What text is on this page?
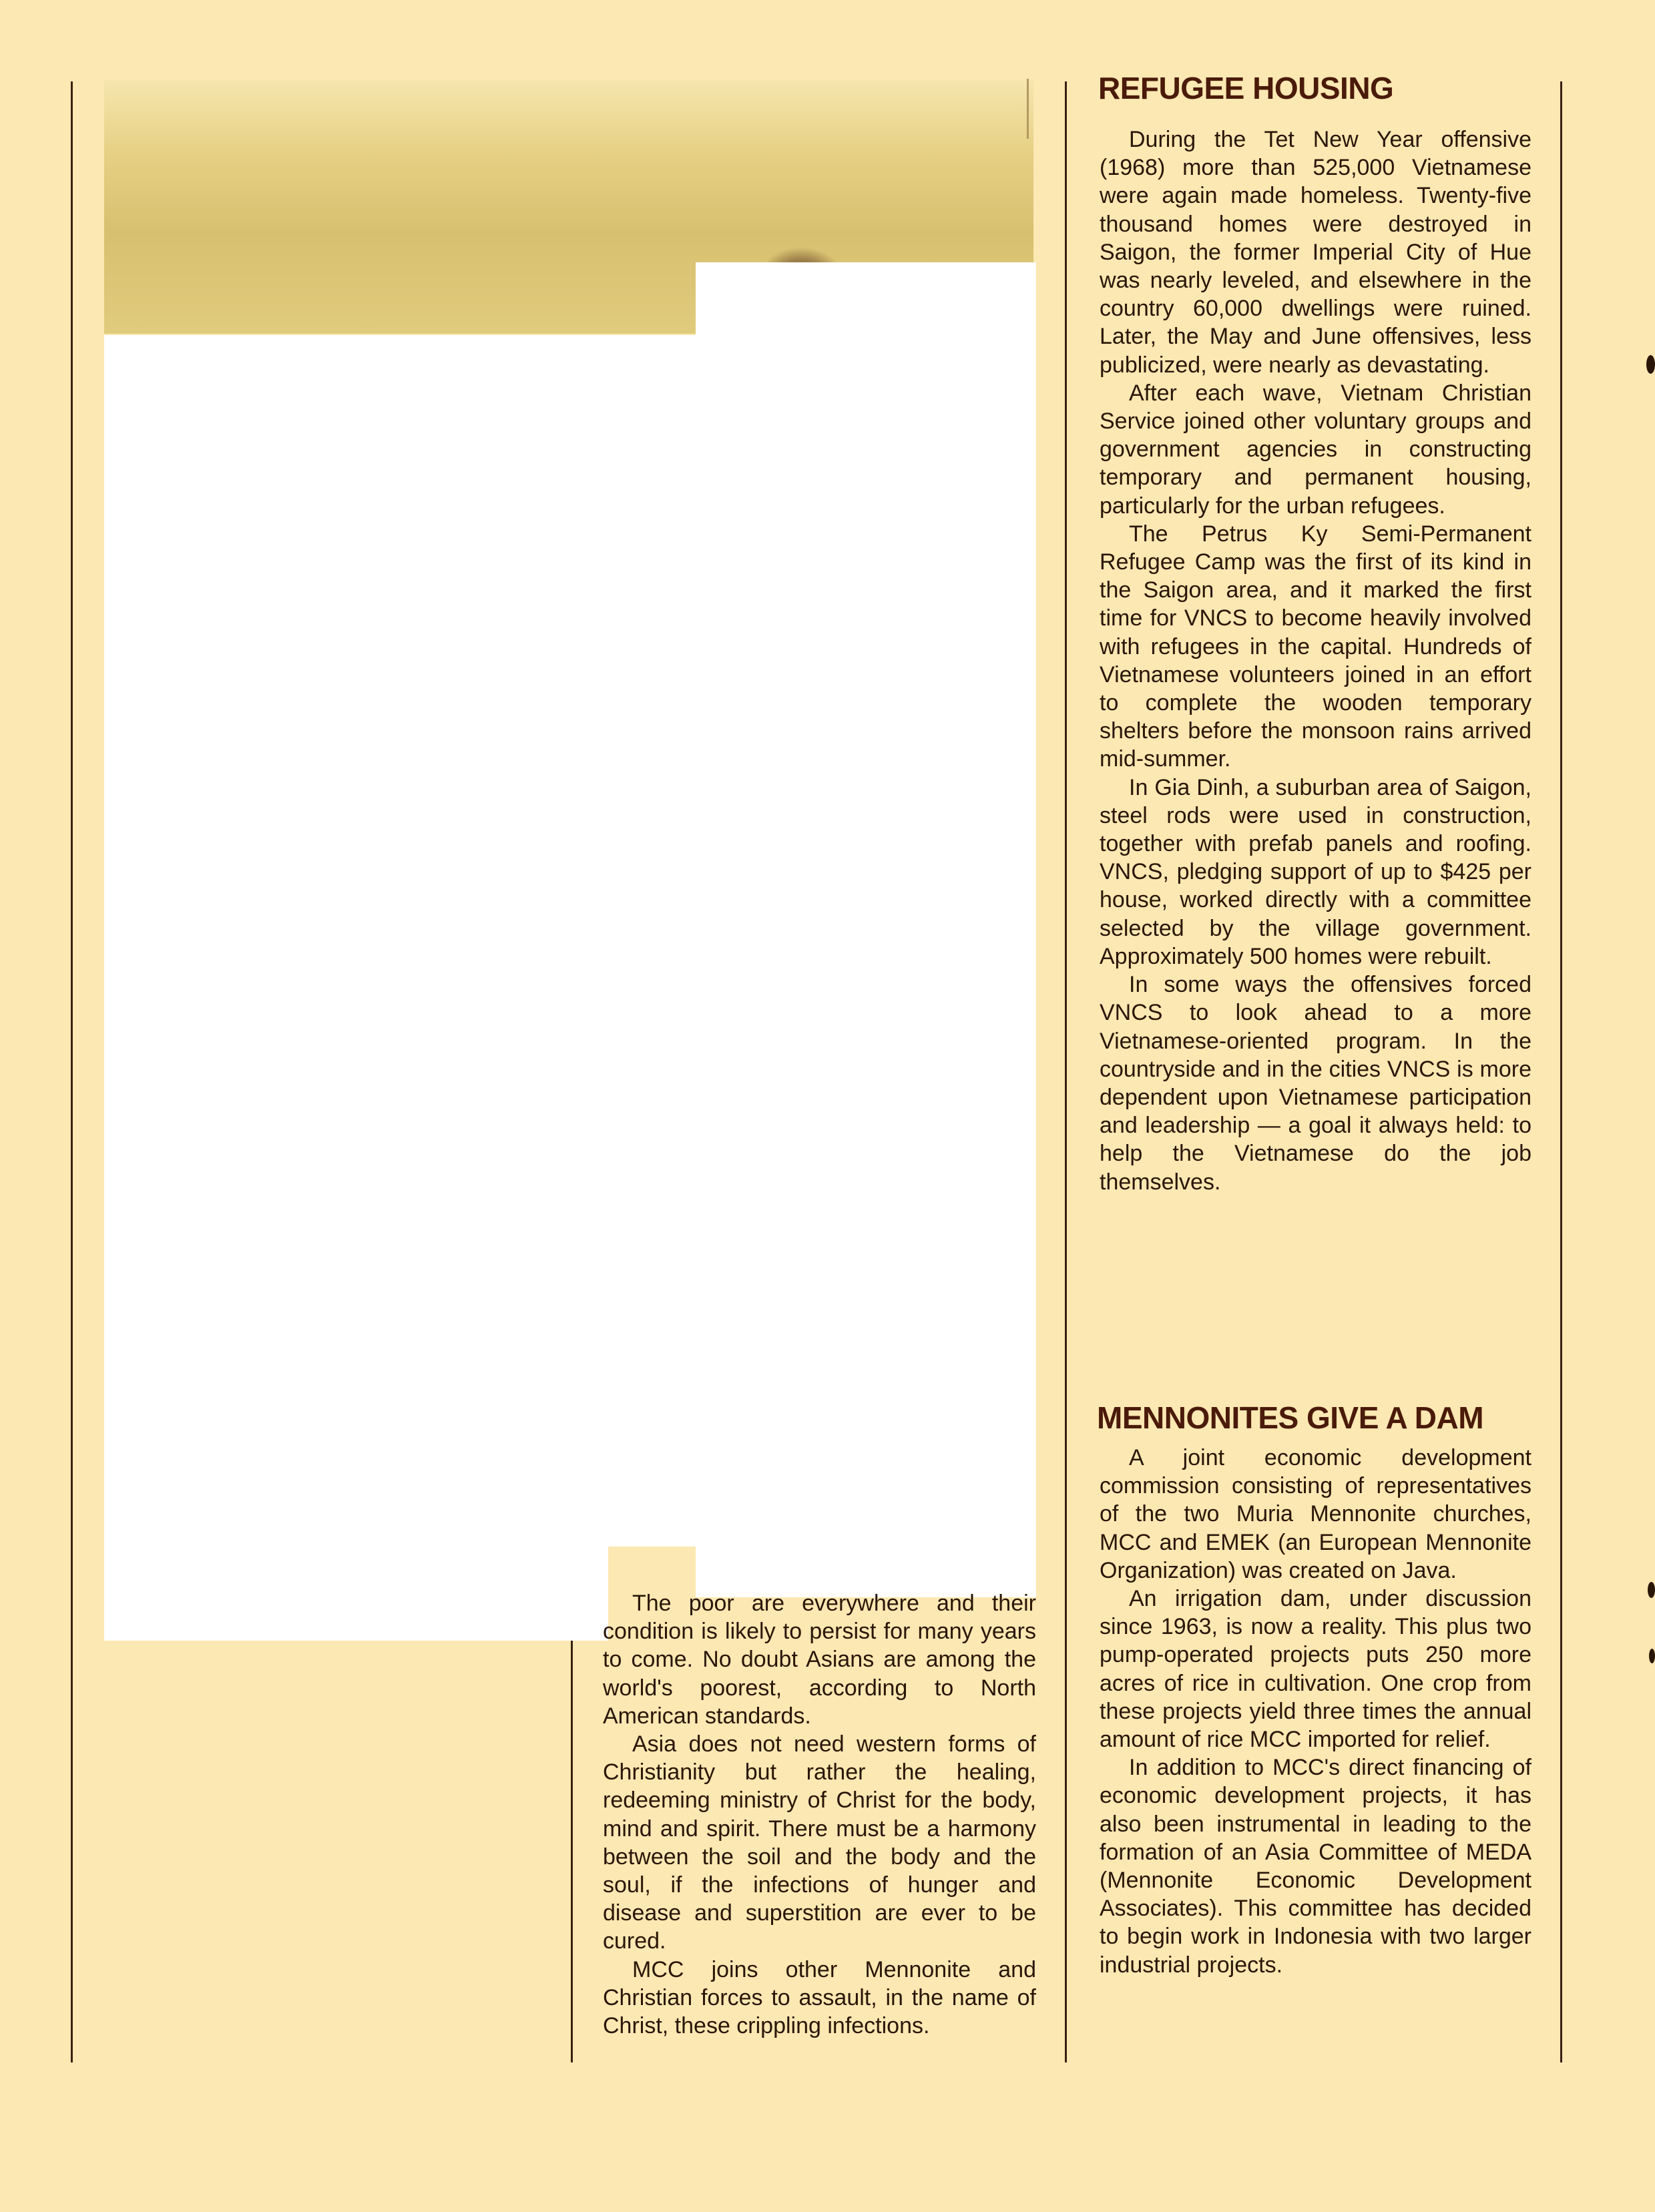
REFUGEE HOUSING

During the Tet New Year offensive (1968) more than 525,000 Vietnamese were again made homeless. Twenty-five thousand homes were destroyed in Saigon, the former Imperial City of Hue was nearly leveled, and elsewhere in the country 60,000 dwellings were ruined. Later, the May and June offensives, less publicized, were nearly as devastating.

After each wave, Vietnam Christian Service joined other voluntary groups and government agencies in constructing temporary and permanent housing, particularly for the urban refugees.

The Petrus Ky Semi-Permanent Refugee Camp was the first of its kind in the Saigon area, and it marked the first time for VNCS to become heavily involved with refugees in the capital. Hundreds of Vietnamese volunteers joined in an effort to complete the wooden temporary shelters before the monsoon rains arrived mid-summer.

In Gia Dinh, a suburban area of Saigon, steel rods were used in construction, together with prefab panels and roofing. VNCS, pledging support of up to $425 per house, worked directly with a committee selected by the village government. Approximately 500 homes were rebuilt.

In some ways the offensives forced VNCS to look ahead to a more Vietnamese-oriented program. In the countryside and in the cities VNCS is more dependent upon Vietnamese participation and leadership — a goal it always held: to help the Vietnamese do the job themselves.

MENNONITES GIVE A DAM

A joint economic development commission consisting of representatives of the two Muria Mennonite churches, MCC and EMEK (an European Mennonite Organization) was created on Java.

An irrigation dam, under discussion since 1963, is now a reality. This plus two pump-operated projects puts 250 more acres of rice in cultivation. One crop from these projects yield three times the annual amount of rice MCC imported for relief.

In addition to MCC's direct financing of economic development projects, it has also been instrumental in leading to the formation of an Asia Committee of MEDA (Mennonite Economic Development Associates). This committee has decided to begin work in Indonesia with two larger industrial projects.

The poor are everywhere and their condition is likely to persist for many years to come. No doubt Asians are among the world's poorest, according to North American standards.

Asia does not need western forms of Christianity but rather the healing, redeeming ministry of Christ for the body, mind and spirit. There must be a harmony between the soil and the body and the soul, if the infections of hunger and disease and superstition are ever to be cured.

MCC joins other Mennonite and Christian forces to assault, in the name of Christ, these crippling infections.
